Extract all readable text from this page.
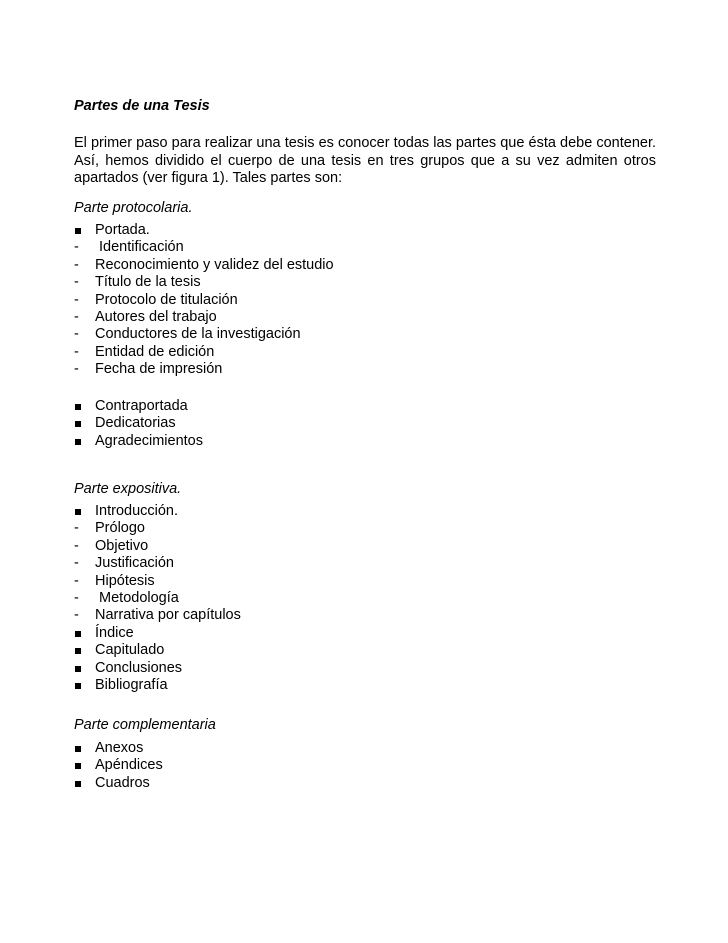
Partes de una Tesis

El primer paso para realizar una tesis es conocer todas las partes que ésta debe contener. Así, hemos dividido el cuerpo de una tesis en tres grupos que a su vez admiten otros apartados (ver figura 1). Tales partes son:

Parte protocolaria.
Portada.
- Identificación
- Reconocimiento y validez del estudio
- Título de la tesis
- Protocolo de titulación
- Autores del trabajo
- Conductores de la investigación
- Entidad de edición
- Fecha de impresión
Contraportada
Dedicatorias
Agradecimientos
Parte expositiva.
Introducción.
- Prólogo
- Objetivo
- Justificación
- Hipótesis
- Metodología
- Narrativa por capítulos
Índice
Capitulado
Conclusiones
Bibliografía
Parte complementaria
Anexos
Apéndices
Cuadros
